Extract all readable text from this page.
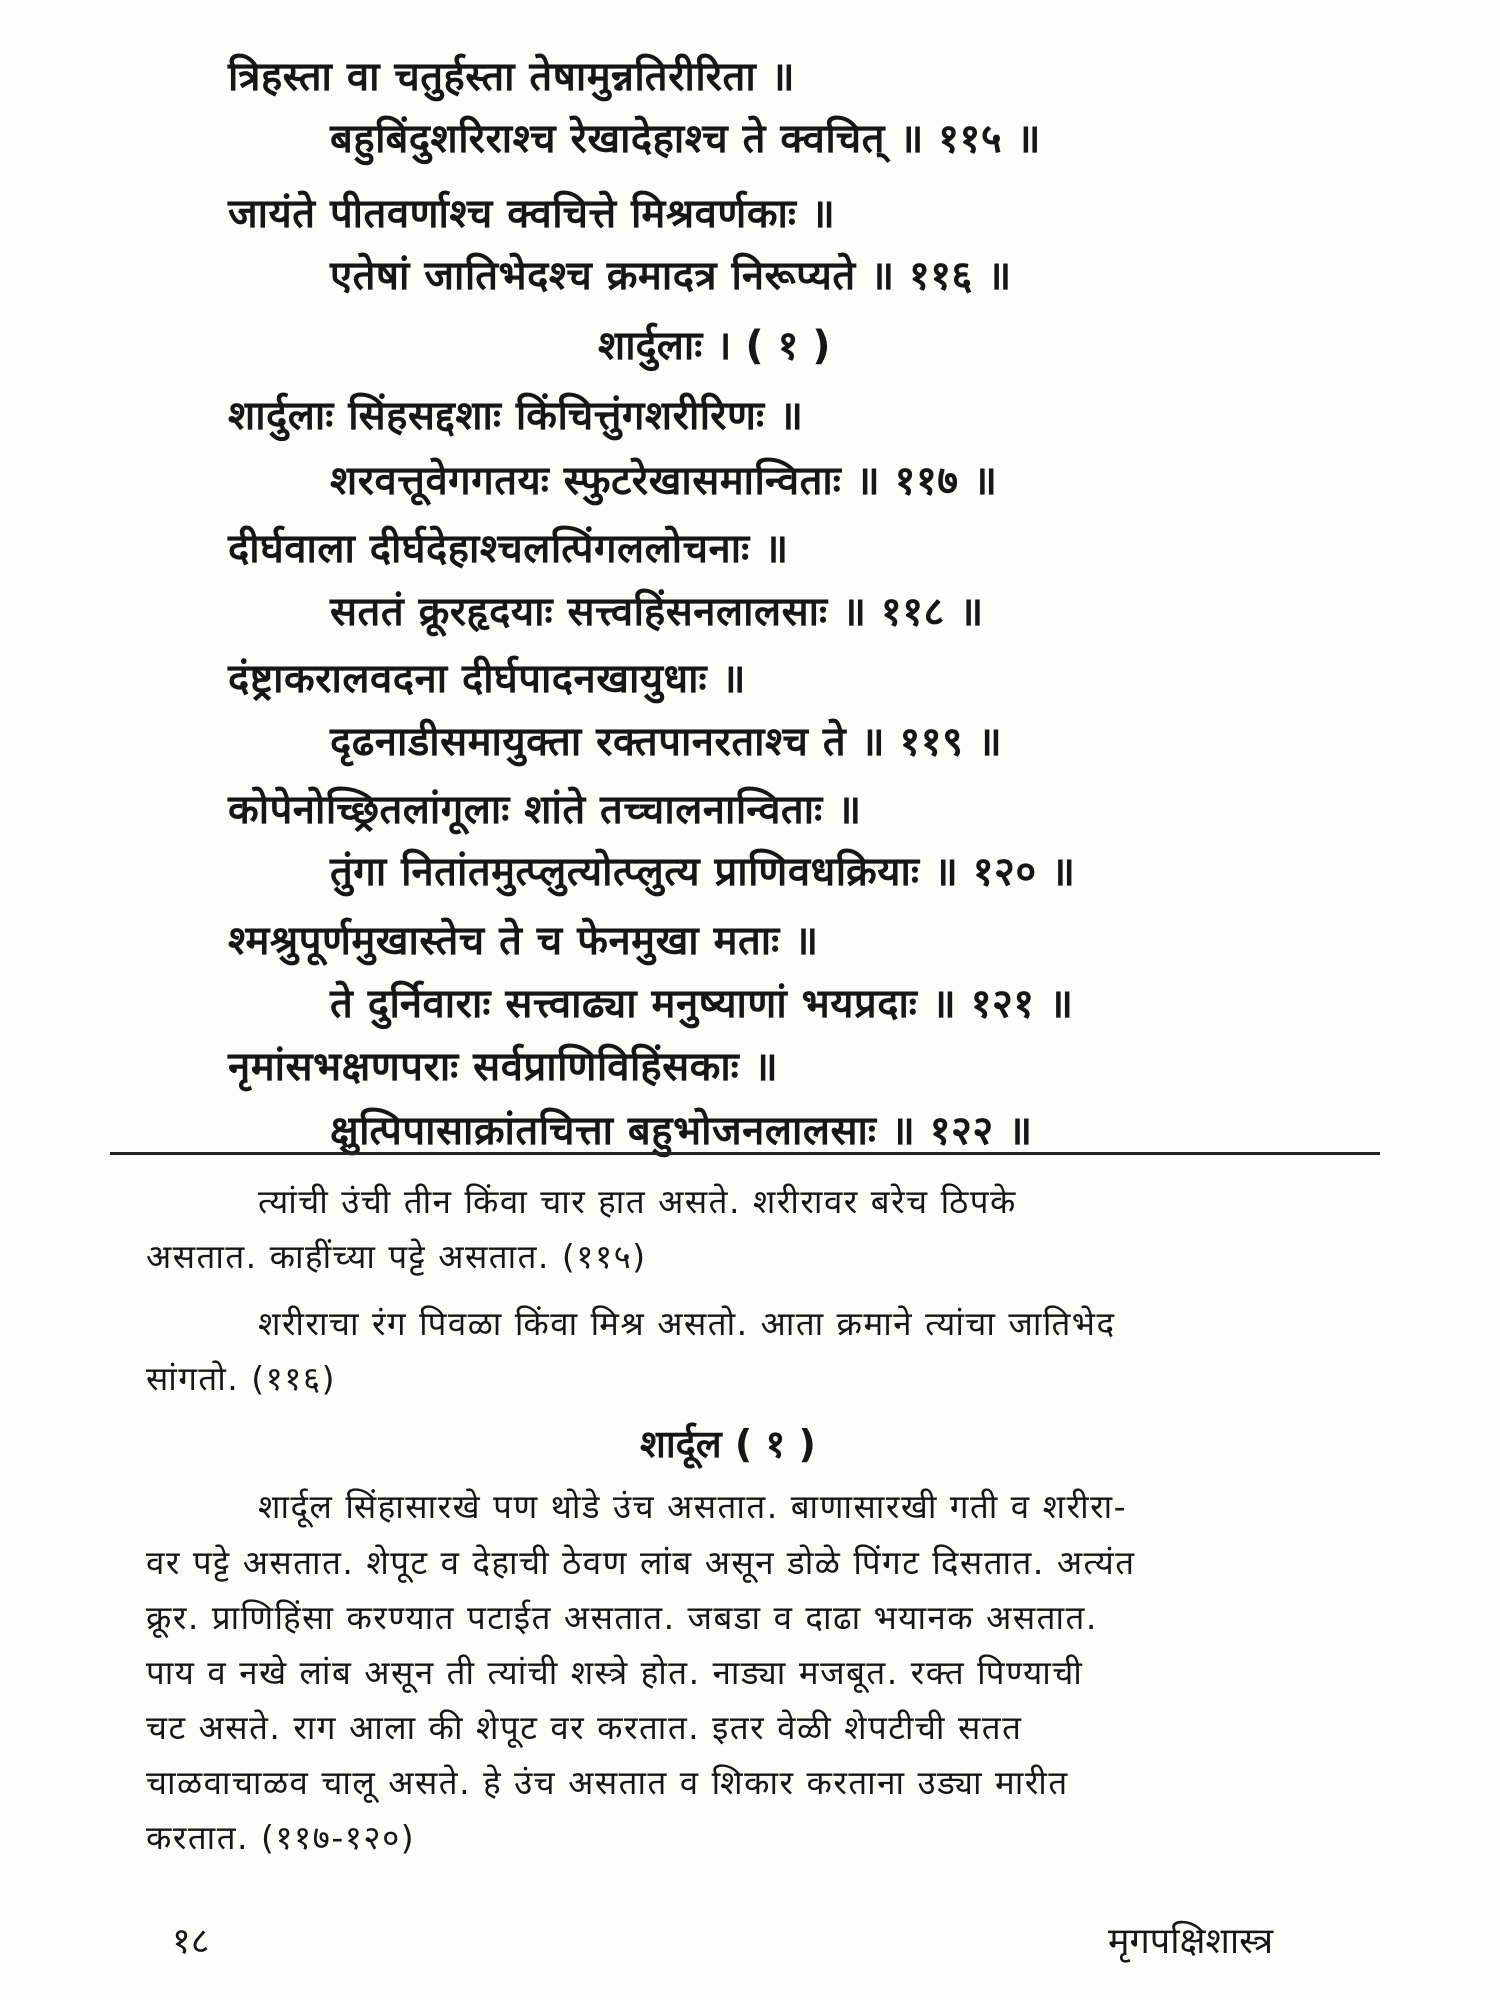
त्रिहस्ता वा चतुर्हस्ता तेषामुन्नतिरीरिता ॥
बहुबिंदुशरिराश्च रेखादेहाश्च ते क्वचित् ॥ ११५ ॥
जायंते पीतवर्णाश्च क्वचित्ते मिश्रवर्णकाः ॥
एतेषां जातिभेदश्च क्रमादत्र निरूप्यते ॥ ११६ ॥
शार्दुलाः । ( १ )
शार्दुलाः सिंहसद्दशाः किंचित्तुंगशरीरिणः ॥
शरवत्तूवेगगतयः स्फुटरेखासमान्विताः ॥ ११७ ॥
दीर्घवाला दीर्घदेहाश्चलत्पिंगललोचनाः ॥
सततं क्रूरहृदयाः सत्त्वहिंसनलालसाः ॥ ११८ ॥
दंष्ट्राकरालवदना दीर्घपादनखायुधाः ॥
दृढनाडीसमायुक्ता रक्तपानरताश्च ते ॥ ११९ ॥
कोपेनोच्छ्रितलांगूलाः शांते तच्चालनान्विताः ॥
तुंगा नितांतमुत्प्लुत्योत्प्लुत्य प्राणिवधक्रियाः ॥ १२० ॥
श्मश्रुपूर्णमुखास्तेच ते च फेनमुखा मताः ॥
ते दुर्निवाराः सत्त्वाढ्या मनुष्याणां भयप्रदाः ॥ १२१ ॥
नृमांसभक्षणपराः सर्वप्राणिविहिंसकाः ॥
क्षुत्पिपासाक्रांतचित्ता बहुभोजनलालसाः ॥ १२२ ॥
त्यांची उंची तीन किंवा चार हात असते. शरीरावर बरेच ठिपके
असतात. काहींच्या पट्टे असतात. (११५)
शरीराचा रंग पिवळा किंवा मिश्र असतो. आता क्रमाने त्यांचा जातिभेद
सांगतो. (११६)
शार्दूल ( १ )
शार्दूल सिंहासारखे पण थोडे उंच असतात. बाणासारखी गती व शरीरा-
वर पट्टे असतात. शेपूट व देहाची ठेवण लांब असून डोळे पिंगट दिसतात. अत्यंत
क्रूर. प्राणिहिंसा करण्यात पटाईत असतात. जबडा व दाढा भयानक असतात.
पाय व नखे लांब असून ती त्यांची शस्त्रे होत. नाड्या मजबूत. रक्त पिण्याची
चट असते. राग आला की शेपूट वर करतात. इतर वेळी शेपटीची सतत
चाळवाचाळव चालू असते. हे उंच असतात व शिकार करताना उड्या मारीत
करतात. (११७-१२०)
१८	मृगपक्षिशास्त्र
